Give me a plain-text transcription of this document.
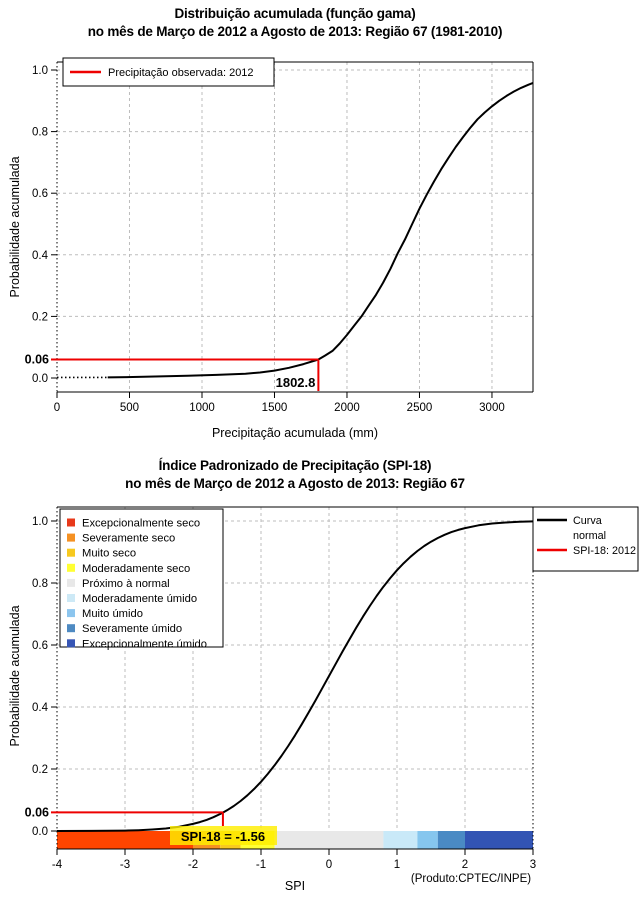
0	500	1000	1500	2000	2500	3000
0.0
0.2
0.4
0.6
0.8
1.0
0.06
1802.8
Precipitação observada: 2012
-4	-3	-2	-1	0	1	2	3
0.0
0.2
0.4
0.6
0.8
1.0
0.06
SPI-18 = -1.56
Excepcionalmente seco
Severamente seco
Muito seco
Moderadamente seco
Próximo à normal
Moderadamente úmido
Muito úmido
Severamente úmido
Excepcionalmente úmido
Curva
normal
SPI-18: 2012
Distribuição acumulada (função gama)
no mês de Março de 2012 a Agosto de 2013: Região 67 (1981-2010)
Precipitação acumulada (mm)
Probabilidade acumulada
Índice Padronizado de Precipitação (SPI-18)
no mês de Março de 2012 a Agosto de 2013: Região 67
SPI
Probabilidade acumulada
(Produto:CPTEC/INPE)
